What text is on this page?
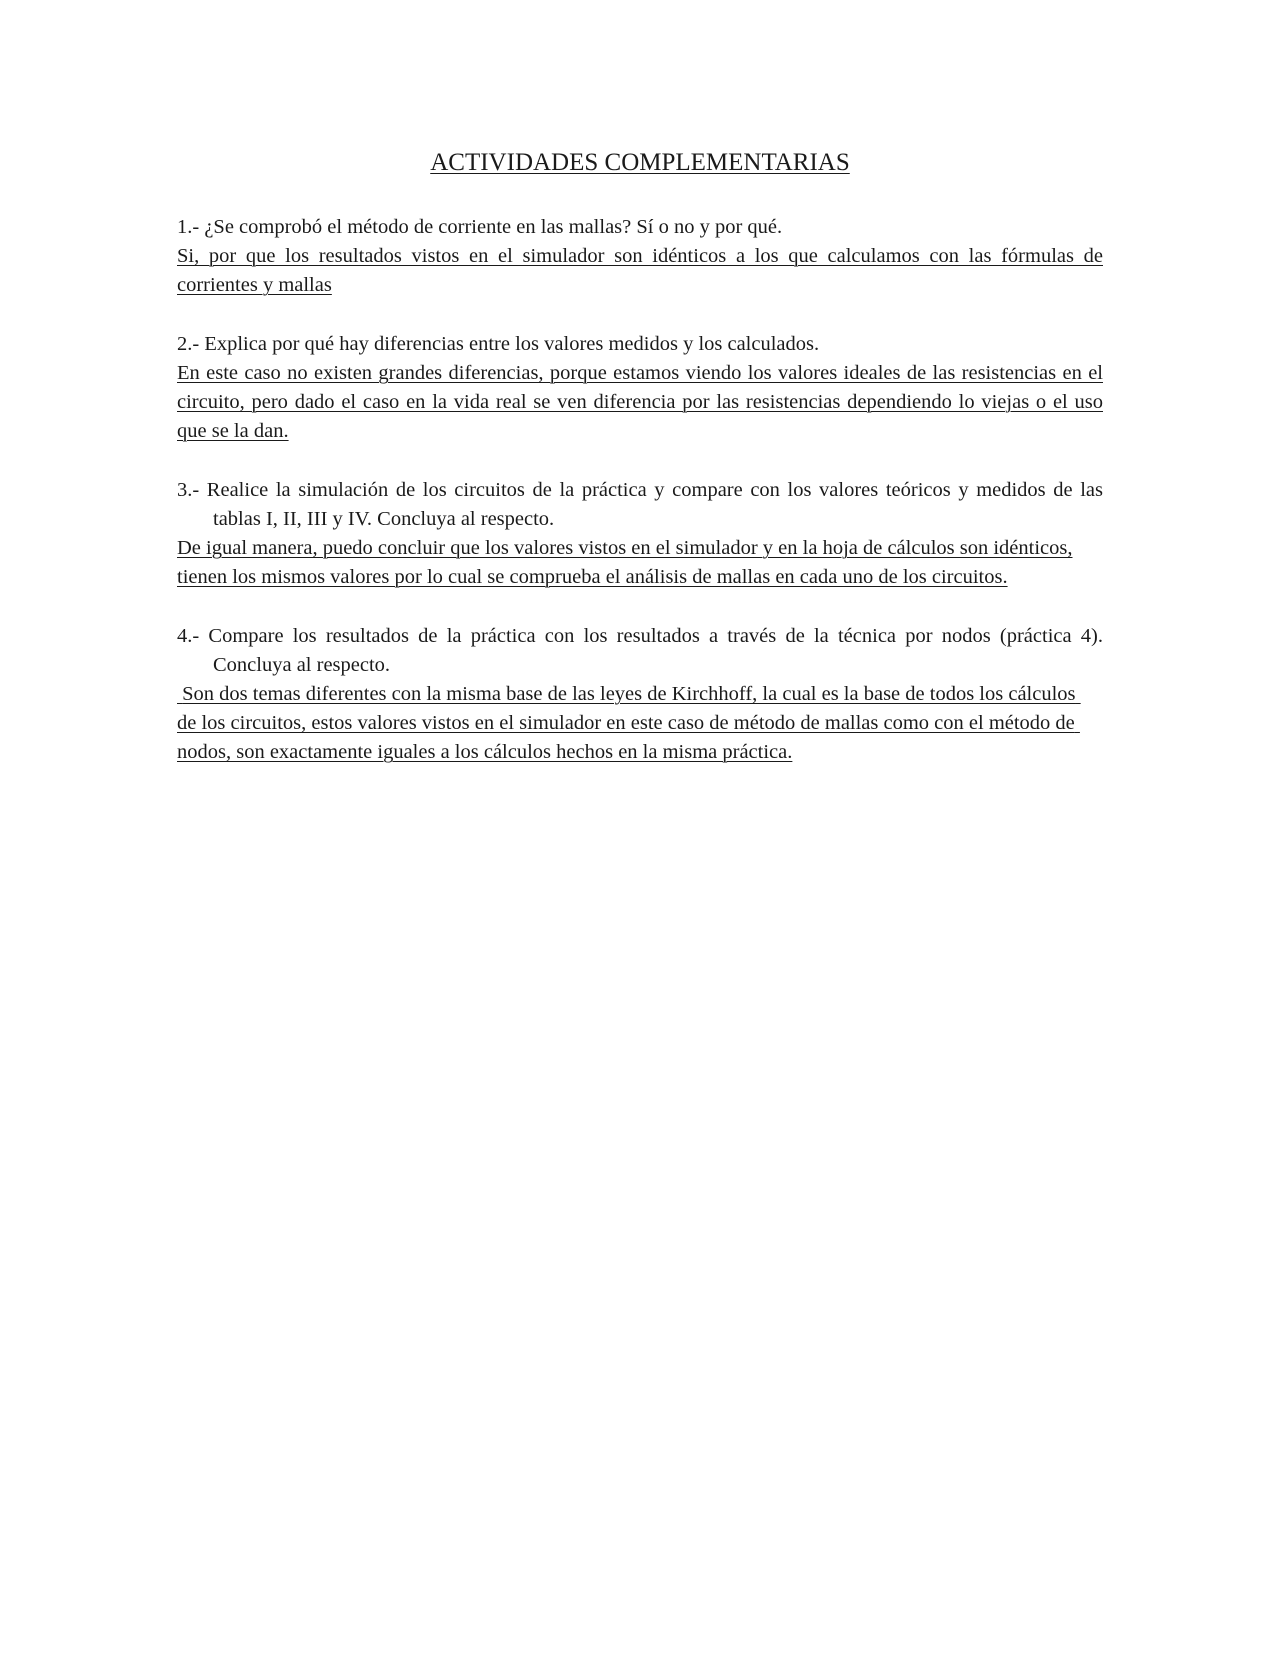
ACTIVIDADES COMPLEMENTARIAS
1.- ¿Se comprobó el método de corriente en las mallas? Sí o no y por qué.
Si, por que los resultados vistos en el simulador son idénticos a los que calculamos con las fórmulas de corrientes y mallas
2.- Explica por qué hay diferencias entre los valores medidos y los calculados.
En este caso no existen grandes diferencias, porque estamos viendo los valores ideales de las resistencias en el circuito, pero dado el caso en la vida real se ven diferencia por las resistencias dependiendo lo viejas o el uso que se la dan.
3.- Realice la simulación de los circuitos de la práctica y compare con los valores teóricos y medidos de las tablas I, II, III y IV. Concluya al respecto.
De igual manera, puedo concluir que los valores vistos en el simulador y en la hoja de cálculos son idénticos, tienen los mismos valores por lo cual se comprueba el análisis de mallas en cada uno de los circuitos.
4.- Compare los resultados de la práctica con los resultados a través de la técnica por nodos (práctica 4). Concluya al respecto.
Son dos temas diferentes con la misma base de las leyes de Kirchhoff, la cual es la base de todos los cálculos de los circuitos, estos valores vistos en el simulador en este caso de método de mallas como con el método de nodos, son exactamente iguales a los cálculos hechos en la misma práctica.
